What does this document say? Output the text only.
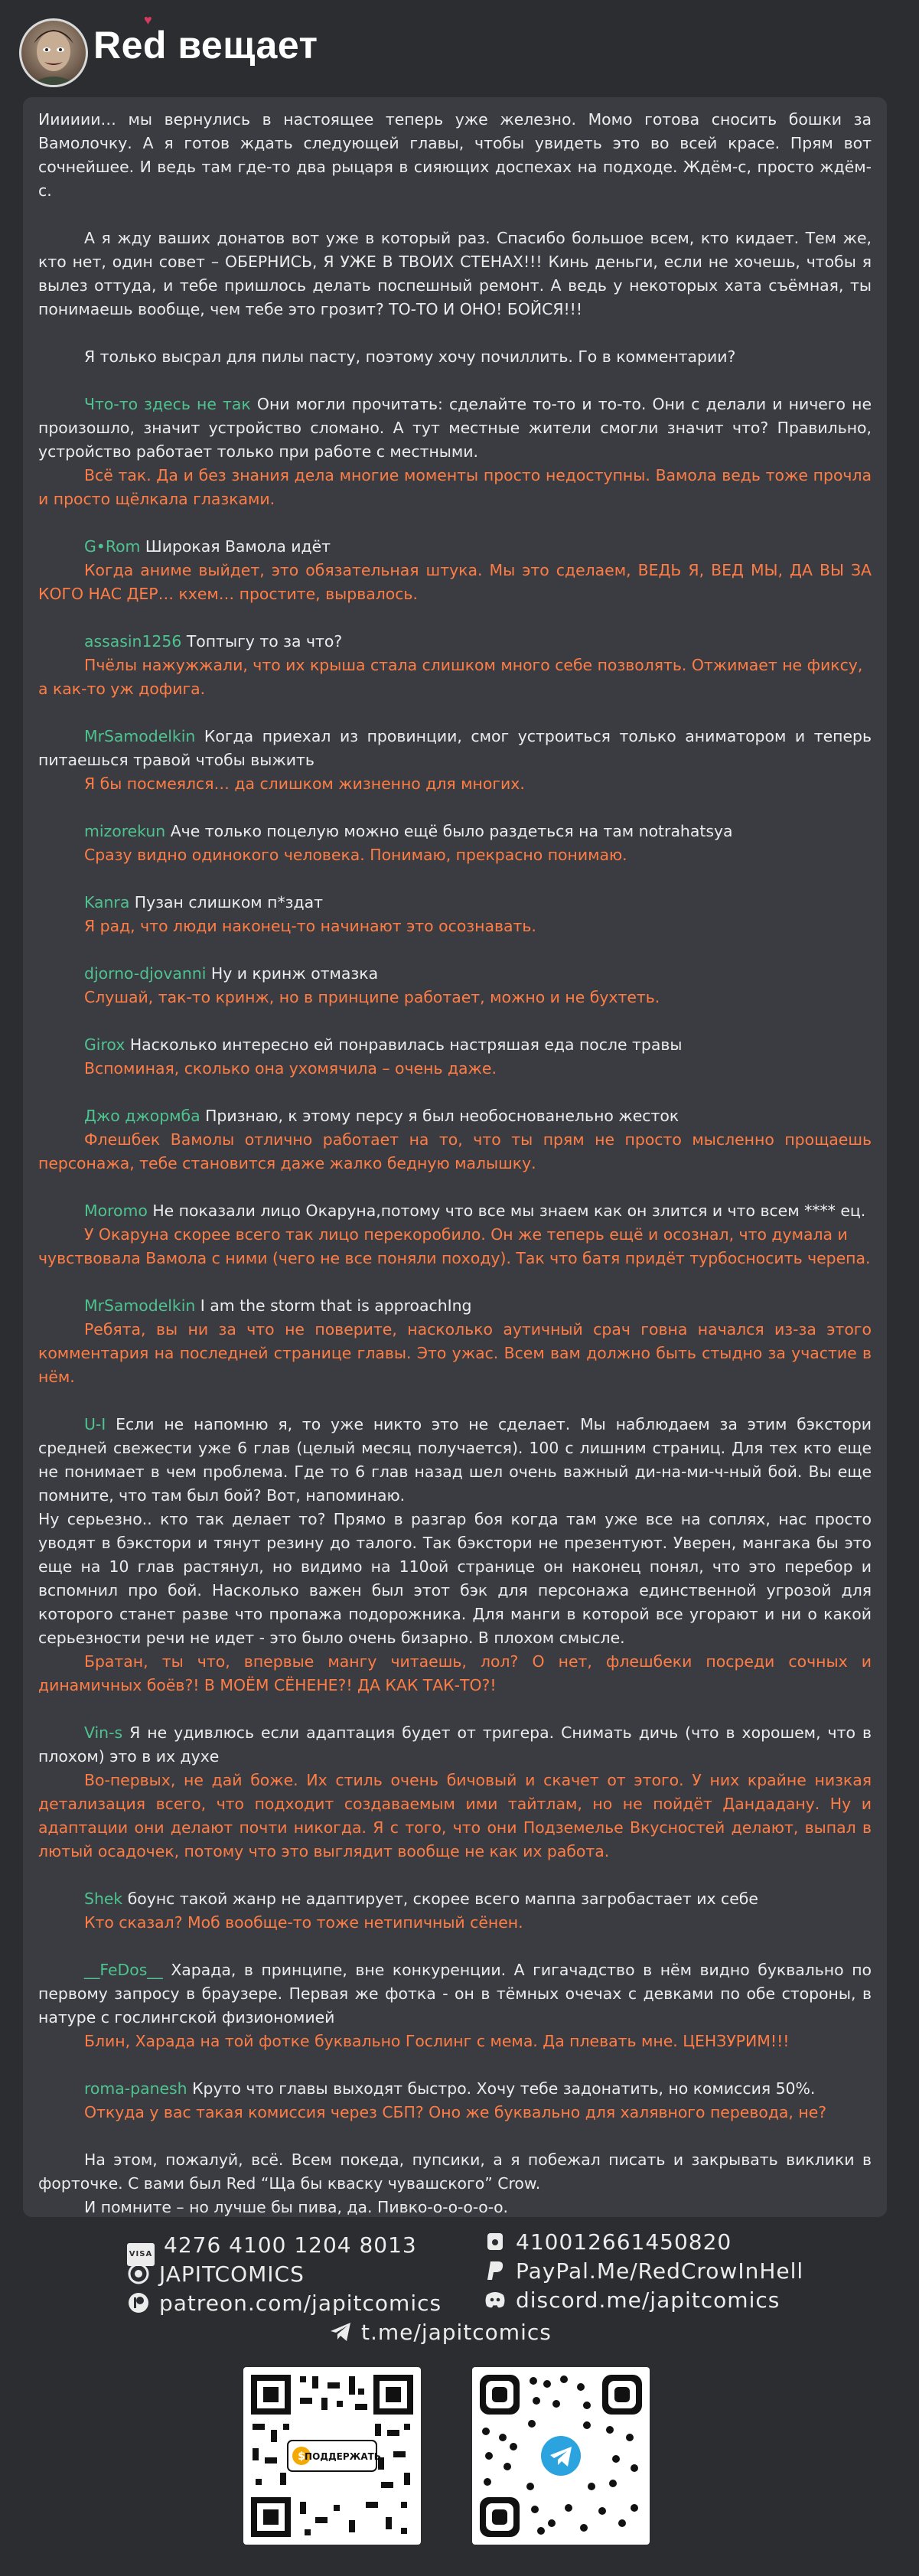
♥
Red вещает

Ииииии… мы вернулись в настоящее теперь уже железно. Момо готова сносить бошки за Вамолочку. А я готов ждать следующей главы, чтобы увидеть это во всей красе. Прям вот сочнейшее. И ведь там где-то два рыцаря в сияющих доспехах на подходе. Ждём-с, просто ждём-с.

А я жду ваших донатов вот уже в который раз. Спасибо большое всем, кто кидает. Тем же, кто нет, один совет – ОБЕРНИСЬ, Я УЖЕ В ТВОИХ СТЕНАХ!!! Кинь деньги, если не хочешь, чтобы я вылез оттуда, и тебе пришлось делать поспешный ремонт. А ведь у некоторых хата съёмная, ты понимаешь вообще, чем тебе это грозит? ТО-ТО И ОНО! БОЙСЯ!!!

Я только высрал для пилы пасту, поэтому хочу почиллить. Го в комментарии?

Что-то здесь не так Они могли прочитать: сделайте то-то и то-то. Они с делали и ничего не произошло, значит устройство сломано. А тут местные жители смогли значит что? Правильно, устройство работает только при работе с местными.

Всё так. Да и без знания дела многие моменты просто недоступны. Вамола ведь тоже прочла и просто щёлкала глазками.

G•Rom Широкая Вамола идёт

Когда аниме выйдет, это обязательная штука. Мы это сделаем, ВЕДЬ Я, ВЕД МЫ, ДА ВЫ ЗА КОГО НАС ДЕР… кхем… простите, вырвалось.

assasin1256 Топтыгу то за что?

Пчёлы нажужжали, что их крыша стала слишком много себе позволять. Отжимает не фиксу, а как-то уж дофига.

MrSamodelkin Когда приехал из провинции, смог устроиться только аниматором и теперь питаешься травой чтобы выжить

Я бы посмеялся… да слишком жизненно для многих.

mizorekun Аче только поцелую можно ещё было раздеться на там notrahatsya

Сразу видно одинокого человека. Понимаю, прекрасно понимаю.

Kanra Пузан слишком п*здат

Я рад, что люди наконец-то начинают это осознавать.

djorno-djovanni Ну и кринж отмазка

Слушай, так-то кринж, но в принципе работает, можно и не бухтеть.

Girox Насколько интересно ей понравилась настряшая еда после травы

Вспоминая, сколько она ухомячила – очень даже.

Джо джормба Признаю, к этому персу я был необоснованельно жесток

Флешбек Вамолы отлично работает на то, что ты прям не просто мысленно прощаешь персонажа, тебе становится даже жалко бедную малышку.

Moromo Не показали лицо Окаруна,потому что все мы знаем как он злится и что всем **** ец.

У Окаруна скорее всего так лицо перекоробило. Он же теперь ещё и осознал, что думала и чувствовала Вамола с ними (чего не все поняли походу). Так что батя придёт турбосносить черепа.

MrSamodelkin I am the storm that is approachIng

Ребята, вы ни за что не поверите, насколько аутичный срач говна начался из-за этого комментария на последней странице главы. Это ужас. Всем вам должно быть стыдно за участие в нём.

U-I Если не напомню я, то уже никто это не сделает. Мы наблюдаем за этим бэкстори средней свежести уже 6 глав (целый месяц получается). 100 с лишним страниц. Для тех кто еще не понимает в чем проблема. Где то 6 глав назад шел очень важный ди-на-ми-ч-ный бой. Вы еще помните, что там был бой? Вот, напоминаю.

Ну серьезно.. кто так делает то? Прямо в разгар боя когда там уже все на соплях, нас просто уводят в бэкстори и тянут резину до талого. Так бэкстори не презентуют. Уверен, мангака бы это еще на 10 глав растянул, но видимо на 110ой странице он наконец понял, что это перебор и вспомнил про бой. Насколько важен был этот бэк для персонажа единственной угрозой для которого станет разве что пропажа подорожника. Для манги в которой все угорают и ни о какой серьезности речи не идет - это было очень бизарно. В плохом смысле.

Братан, ты что, впервые мангу читаешь, лол? О нет, флешбеки посреди сочных и динамичных боёв?! В МОЁМ СЁНЕНЕ?! ДА КАК ТАК-ТО?!

Vin-s Я не удивлюсь если адаптация будет от тригера. Снимать дичь (что в хорошем, что в плохом) это в их духе

Во-первых, не дай боже. Их стиль очень бичовый и скачет от этого. У них крайне низкая детализация всего, что подходит создаваемым ими тайтлам, но не пойдёт Дандадану. Ну и адаптации они делают почти никогда. Я с того, что они Подземелье Вкусностей делают, выпал в лютый осадочек, потому что это выглядит вообще не как их работа.

Shek боунс такой жанр не адаптирует, скорее всего маппа загробастает их себе

Кто сказал? Моб вообще-то тоже нетипичный сёнен.

__FeDos__ Харада, в принципе, вне конкуренции. А гигачадство в нём видно буквально по первому запросу в браузере. Первая же фотка - он в тёмных очечах с девками по обе стороны, в натуре с гослингской физиономией

Блин, Харада на той фотке буквально Гослинг с мема. Да плевать мне. ЦЕНЗУРИМ!!!

roma-panesh Круто что главы выходят быстро. Хочу тебе задонатить, но комиссия 50%.

Откуда у вас такая комиссия через СБП? Оно же буквально для халявного перевода, не?

На этом, пожалуй, всё. Всем покеда, пупсики, а я побежал писать и закрывать виклики в форточке. С вами был Red “Ща бы кваску чувашского” Crow.

И помните – но лучше бы пива, да. Пивко-о-о-о-о-о.

VISA 4276 4100 1204 8013	410012661450820
JAPITCOMICS	PayPal.Me/RedCrowInHell
patreon.com/japitcomics	discord.me/japitcomics
t.me/japitcomics
$ ПОДДЕРЖАТЬ
